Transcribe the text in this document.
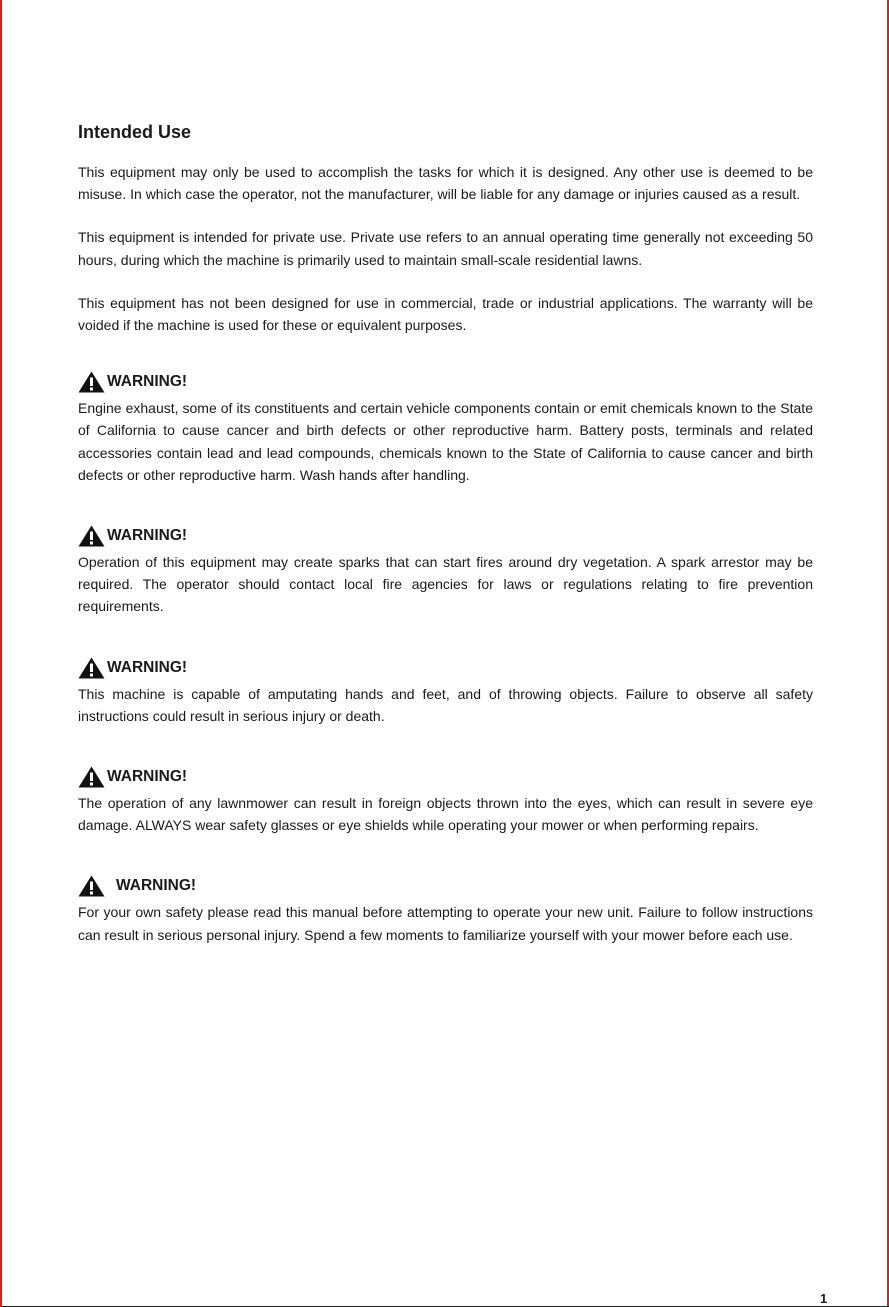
Intended Use

This equipment may only be used to accomplish the tasks for which it is designed. Any other use is deemed to be misuse. In which case the operator, not the manufacturer, will be liable for any damage or injuries caused as a result.

This equipment is intended for private use. Private use refers to an annual operating time generally not exceeding 50 hours, during which the machine is primarily used to maintain small-scale residential lawns.

This equipment has not been designed for use in commercial, trade or industrial applications. The warranty will be voided if the machine is used for these or equivalent purposes.

WARNING!

Engine exhaust, some of its constituents and certain vehicle components contain or emit chemicals known to the State of California to cause cancer and birth defects or other reproductive harm. Battery posts, terminals and related accessories contain lead and lead compounds, chemicals known to the State of California to cause cancer and birth defects or other reproductive harm. Wash hands after handling.

WARNING!

Operation of this equipment may create sparks that can start fires around dry vegetation. A spark arrestor may be required. The operator should contact local fire agencies for laws or regulations relating to fire prevention requirements.

WARNING!

This machine is capable of amputating hands and feet, and of throwing objects. Failure to observe all safety instructions could result in serious injury or death.

WARNING!

The operation of any lawnmower can result in foreign objects thrown into the eyes, which can result in severe eye damage. ALWAYS wear safety glasses or eye shields while operating your mower or when performing repairs.

WARNING!

For your own safety please read this manual before attempting to operate your new unit. Failure to follow instructions can result in serious personal injury. Spend a few moments to familiarize yourself with your mower before each use.

1
